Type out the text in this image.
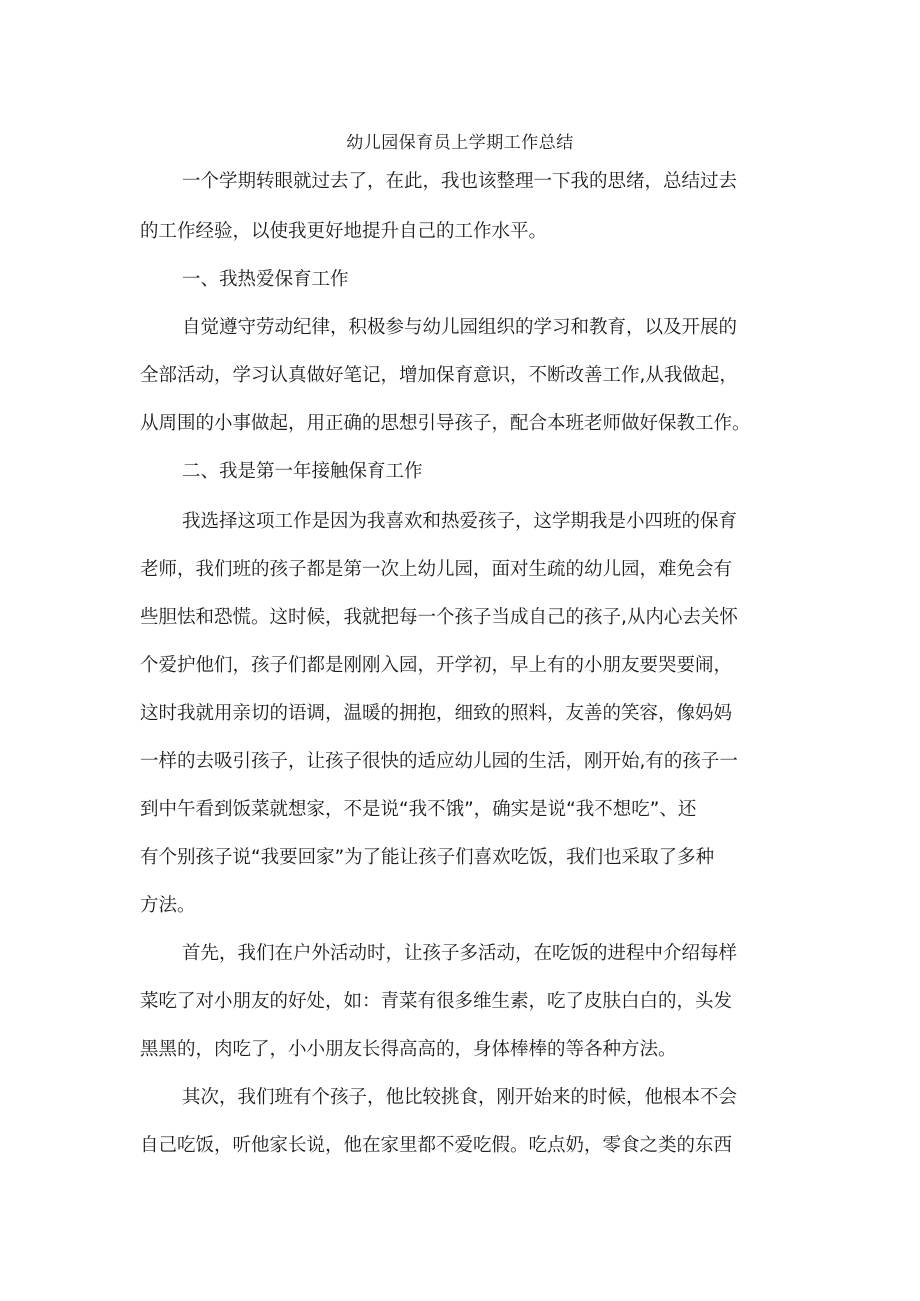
幼儿园保育员上学期工作总结
一个学期转眼就过去了，在此，我也该整理一下我的思绪，总结过去
的工作经验，以使我更好地提升自己的工作水平。
一、我热爱保育工作
自觉遵守劳动纪律，积极参与幼儿园组织的学习和教育，以及开展的
全部活动，学习认真做好笔记，增加保育意识，不断改善工作,从我做起，
从周围的小事做起，用正确的思想引导孩子，配合本班老师做好保教工作。
二、我是第一年接触保育工作
我选择这项工作是因为我喜欢和热爱孩子，这学期我是小四班的保育
老师，我们班的孩子都是第一次上幼儿园，面对生疏的幼儿园，难免会有
些胆怯和恐慌。这时候，我就把每一个孩子当成自己的孩子,从内心去关怀
个爱护他们，孩子们都是刚刚入园，开学初，早上有的小朋友要哭要闹，
这时我就用亲切的语调，温暖的拥抱，细致的照料，友善的笑容，像妈妈
一样的去吸引孩子，让孩子很快的适应幼儿园的生活，刚开始,有的孩子一
到中午看到饭菜就想家，不是说“我不饿”，确实是说“我不想吃”、还
有个别孩子说“我要回家”为了能让孩子们喜欢吃饭，我们也采取了多种
方法。
首先，我们在户外活动时，让孩子多活动，在吃饭的进程中介绍每样
菜吃了对小朋友的好处，如：青菜有很多维生素，吃了皮肤白白的，头发
黑黑的，肉吃了，小小朋友长得高高的，身体棒棒的等各种方法。
其次，我们班有个孩子，他比较挑食，刚开始来的时候，他根本不会
自己吃饭，听他家长说，他在家里都不爱吃假。吃点奶，零食之类的东西
